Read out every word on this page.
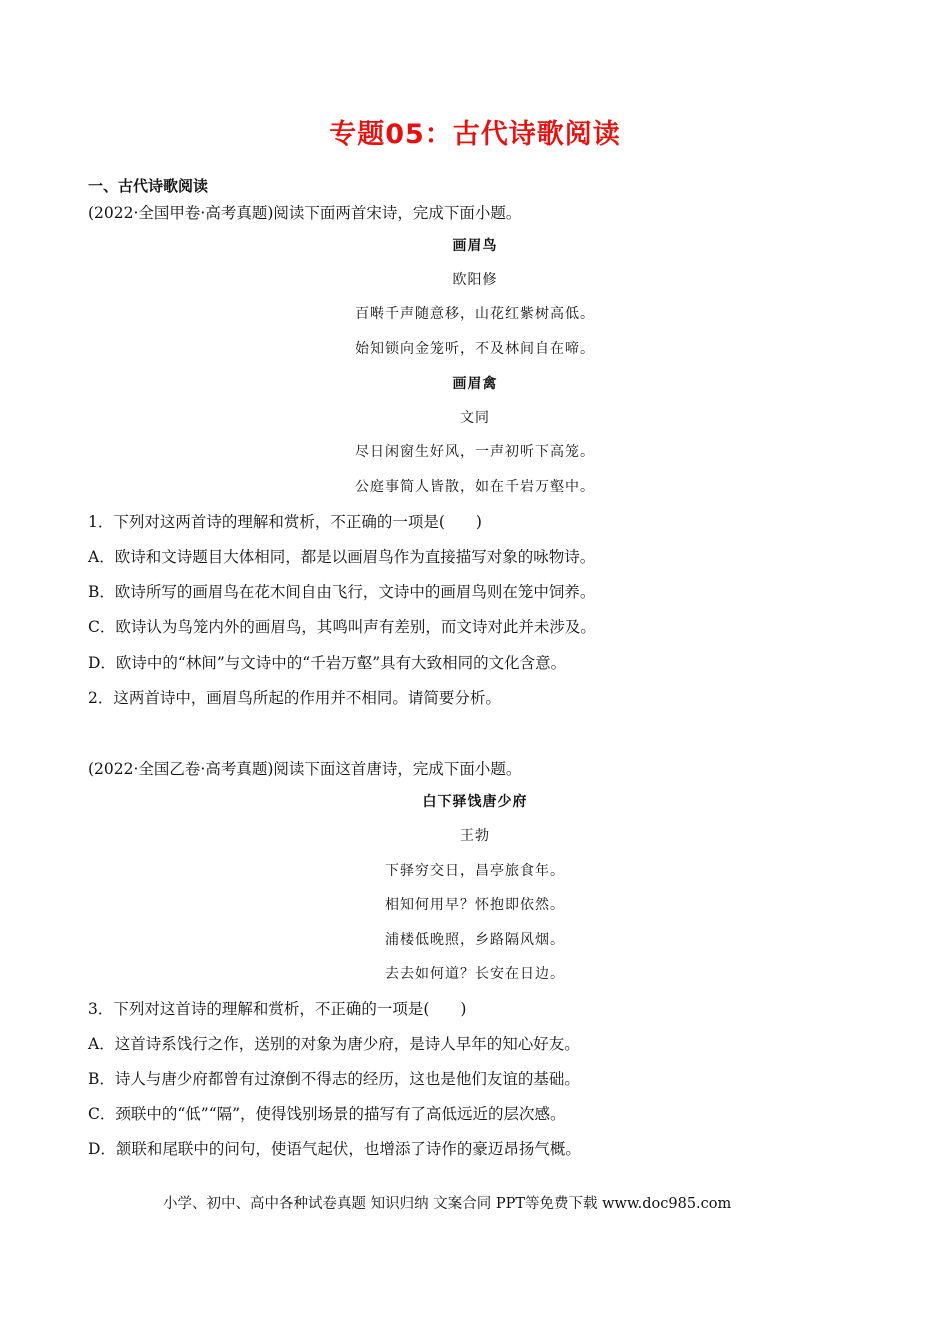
专题05：古代诗歌阅读
一、古代诗歌阅读
(2022·全国甲卷·高考真题)阅读下面两首宋诗，完成下面小题。
画眉鸟
欧阳修
百啭千声随意移，山花红紫树高低。
始知锁向金笼听，不及林间自在啼。
画眉禽
文同
尽日闲窗生好风，一声初听下高笼。
公庭事简人皆散，如在千岩万壑中。
1．下列对这两首诗的理解和赏析，不正确的一项是(　　)
A．欧诗和文诗题目大体相同，都是以画眉鸟作为直接描写对象的咏物诗。
B．欧诗所写的画眉鸟在花木间自由飞行，文诗中的画眉鸟则在笼中饲养。
C．欧诗认为鸟笼内外的画眉鸟，其鸣叫声有差别，而文诗对此并未涉及。
D．欧诗中的“林间”与文诗中的“千岩万壑”具有大致相同的文化含意。
2．这两首诗中，画眉鸟所起的作用并不相同。请简要分析。
(2022·全国乙卷·高考真题)阅读下面这首唐诗，完成下面小题。
白下驿饯唐少府
王勃
下驿穷交日，昌亭旅食年。
相知何用早？怀抱即依然。
浦楼低晚照，乡路隔风烟。
去去如何道？长安在日边。
3．下列对这首诗的理解和赏析，不正确的一项是(　　)
A．这首诗系饯行之作，送别的对象为唐少府，是诗人早年的知心好友。
B．诗人与唐少府都曾有过潦倒不得志的经历，这也是他们友谊的基础。
C．颈联中的“低”“隔”，使得饯别场景的描写有了高低远近的层次感。
D．颔联和尾联中的问句，使语气起伏，也增添了诗作的豪迈昂扬气概。
小学、初中、高中各种试卷真题 知识归纳 文案合同 PPT等免费下载 www.doc985.com
